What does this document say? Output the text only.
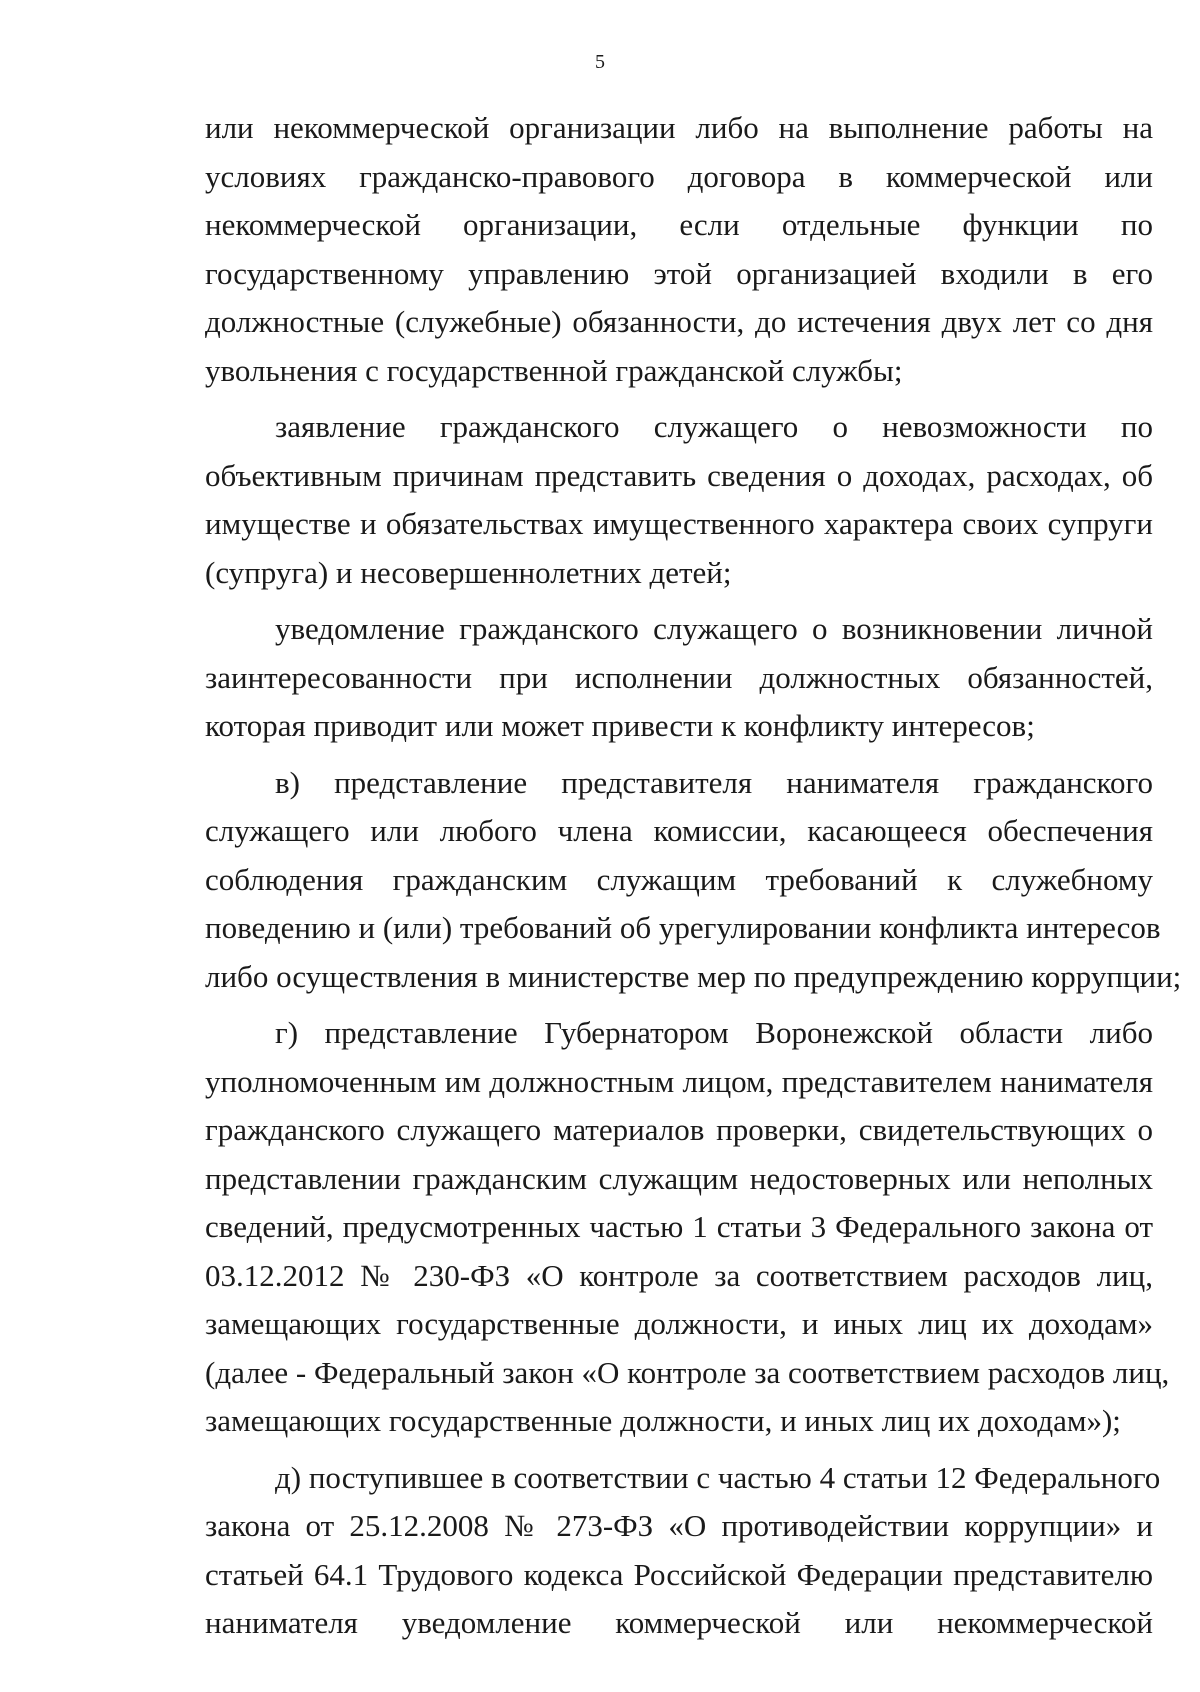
5
или некоммерческой организации либо на выполнение работы на
условиях гражданско-правового договора в коммерческой или
некоммерческой организации, если отдельные функции по
государственному управлению этой организацией входили в его
должностные (служебные) обязанности, до истечения двух лет со дня
увольнения с государственной гражданской службы;
заявление гражданского служащего о невозможности по
объективным причинам представить сведения о доходах, расходах, об
имуществе и обязательствах имущественного характера своих супруги
(супруга) и несовершеннолетних детей;
уведомление гражданского служащего о возникновении личной
заинтересованности при исполнении должностных обязанностей,
которая приводит или может привести к конфликту интересов;
в) представление представителя нанимателя гражданского
служащего или любого члена комиссии, касающееся обеспечения
соблюдения гражданским служащим требований к служебному
поведению и (или) требований об урегулировании конфликта интересов
либо осуществления в министерстве мер по предупреждению коррупции;
г) представление Губернатором Воронежской области либо
уполномоченным им должностным лицом, представителем нанимателя
гражданского служащего материалов проверки, свидетельствующих о
представлении гражданским служащим недостоверных или неполных
сведений, предусмотренных частью 1 статьи 3 Федерального закона от
03.12.2012 № 230-ФЗ «О контроле за соответствием расходов лиц,
замещающих государственные должности, и иных лиц их доходам»
(далее - Федеральный закон «О контроле за соответствием расходов лиц,
замещающих государственные должности, и иных лиц их доходам»);
д) поступившее в соответствии с частью 4 статьи 12 Федерального
закона от 25.12.2008 № 273-ФЗ «О противодействии коррупции» и
статьей 64.1 Трудового кодекса Российской Федерации представителю
нанимателя уведомление коммерческой или некоммерческой
